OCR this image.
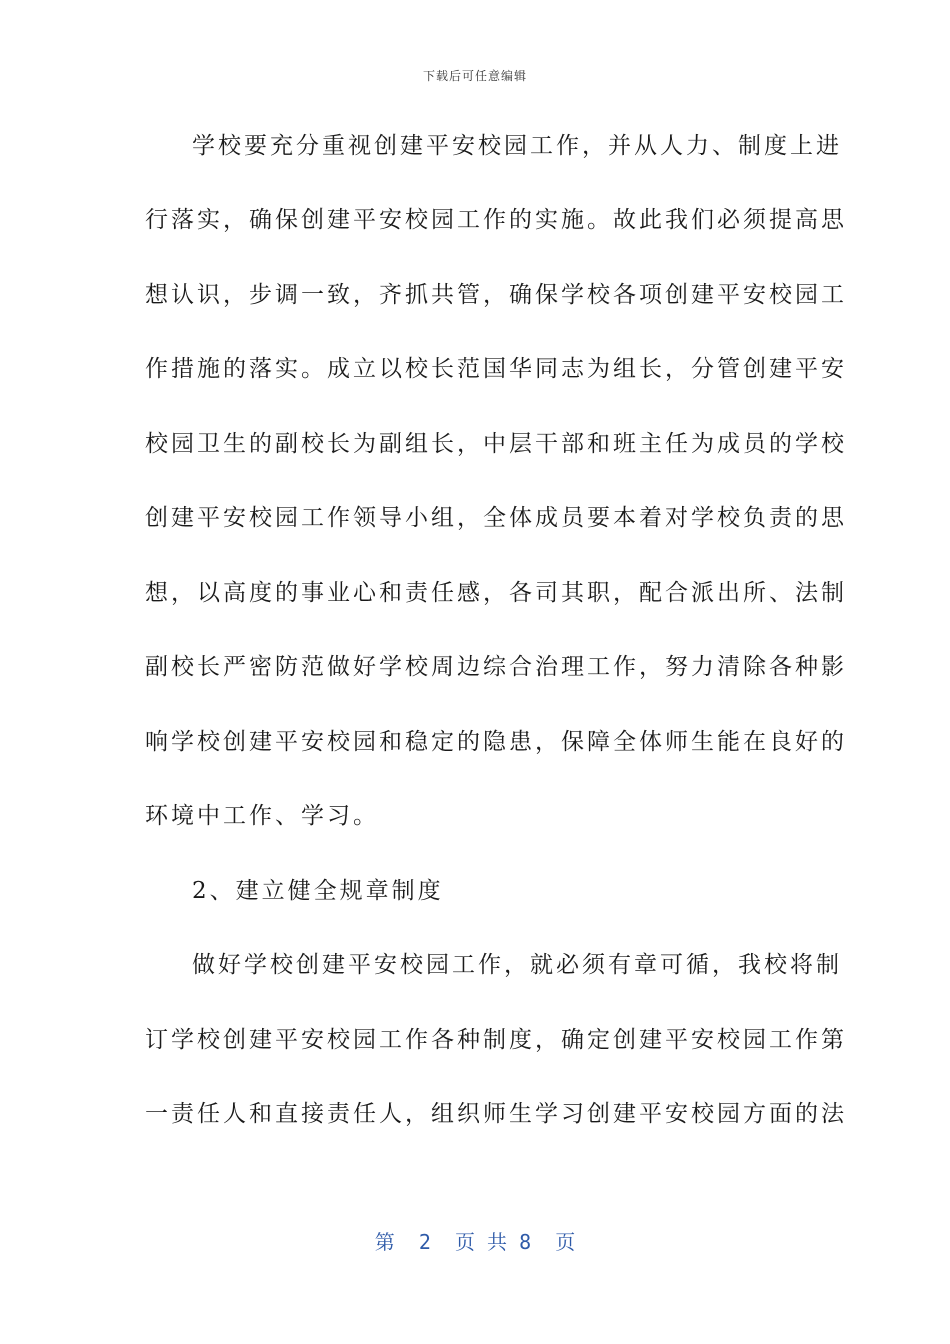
下载后可任意编辑
学校要充分重视创建平安校园工作，并从人力、制度上进
行落实，确保创建平安校园工作的实施。故此我们必须提高思
想认识，步调一致，齐抓共管，确保学校各项创建平安校园工
作措施的落实。成立以校长范国华同志为组长，分管创建平安
校园卫生的副校长为副组长，中层干部和班主任为成员的学校
创建平安校园工作领导小组，全体成员要本着对学校负责的思
想，以高度的事业心和责任感，各司其职，配合派出所、法制
副校长严密防范做好学校周边综合治理工作，努力清除各种影
响学校创建平安校园和稳定的隐患，保障全体师生能在良好的
环境中工作、学习。
2、建立健全规章制度
做好学校创建平安校园工作，就必须有章可循，我校将制
订学校创建平安校园工作各种制度，确定创建平安校园工作第
一责任人和直接责任人，组织师生学习创建平安校园方面的法
第  2  页 共 8  页
